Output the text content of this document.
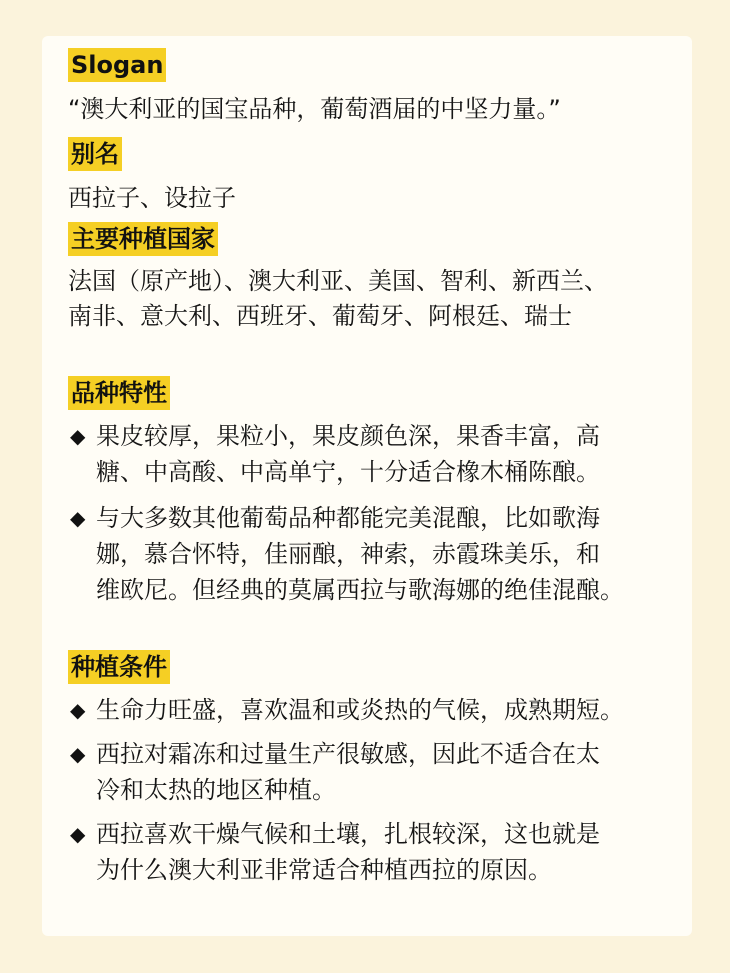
Slogan

“澳大利亚的国宝品种，葡萄酒届的中坚力量。”

别名

西拉子、设拉子

主要种植国家

法国（原产地）、澳大利亚、美国、智利、新西兰、

南非、意大利、西班牙、葡萄牙、阿根廷、瑞士

品种特性
◆ 果皮较厚，果粒小，果皮颜色深，果香丰富，高
糖、中高酸、中高单宁，十分适合橡木桶陈酿。
◆ 与大多数其他葡萄品种都能完美混酿，比如歌海
娜，慕合怀特，佳丽酿，神索，赤霞珠美乐，和
维欧尼。但经典的莫属西拉与歌海娜的绝佳混酿。
种植条件
◆ 生命力旺盛，喜欢温和或炎热的气候，成熟期短。
◆ 西拉对霜冻和过量生产很敏感，因此不适合在太
冷和太热的地区种植。
◆ 西拉喜欢干燥气候和土壤，扎根较深，这也就是
为什么澳大利亚非常适合种植西拉的原因。
